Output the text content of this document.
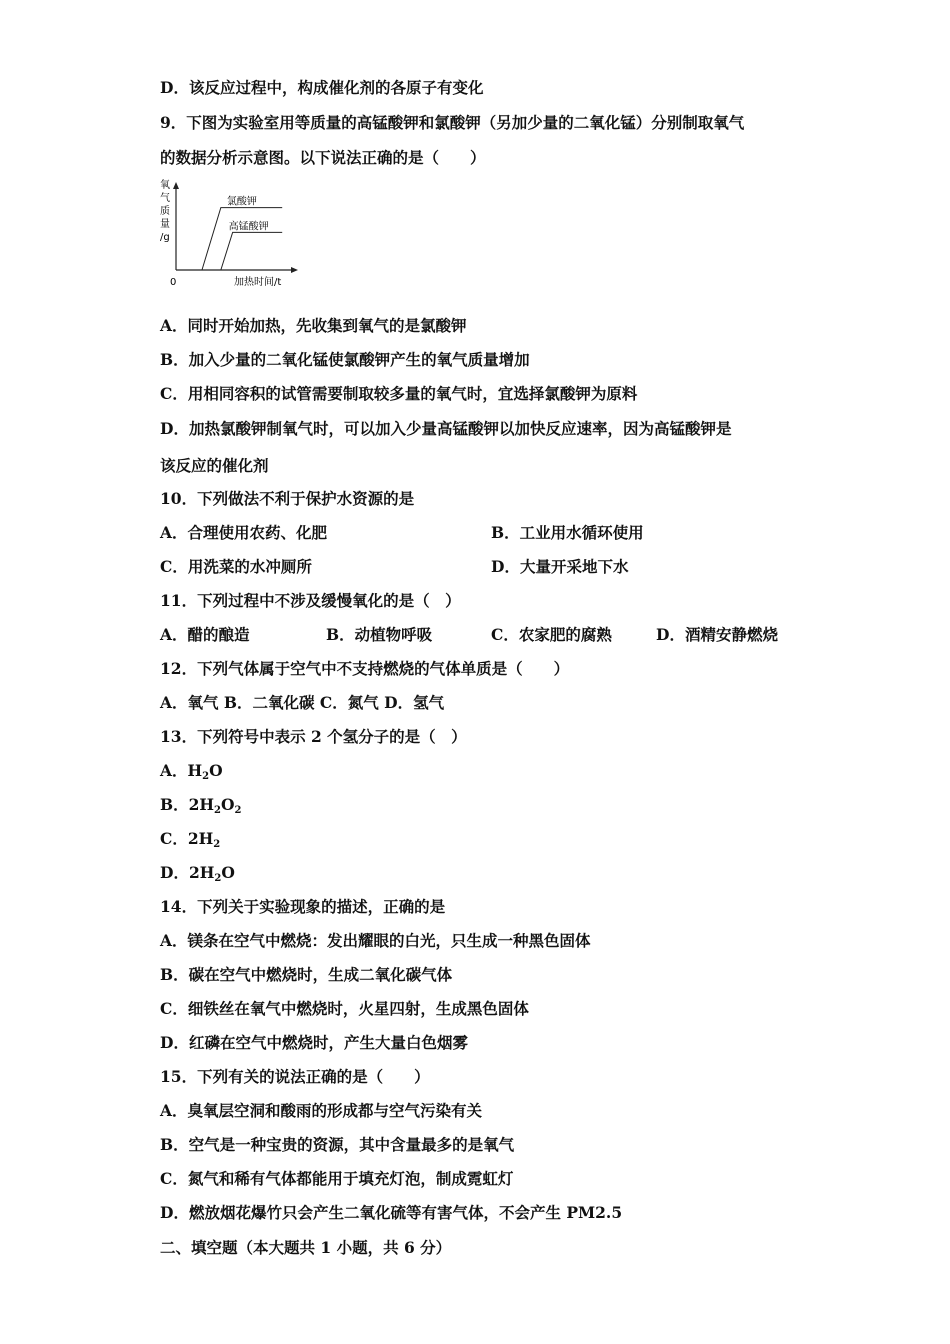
D．该反应过程中，构成催化剂的各原子有变化
9．下图为实验室用等质量的高锰酸钾和氯酸钾（另加少量的二氧化锰）分别制取氧气
的数据分析示意图。以下说法正确的是（　　）
氧
气
质
量
/g
0	加热时间/t
氯酸钾
高锰酸钾
A．同时开始加热，先收集到氧气的是氯酸钾
B．加入少量的二氧化锰使氯酸钾产生的氧气质量增加
C．用相同容积的试管需要制取较多量的氧气时，宜选择氯酸钾为原料
D．加热氯酸钾制氧气时，可以加入少量高锰酸钾以加快反应速率，因为高锰酸钾是
该反应的催化剂
10．下列做法不利于保护水资源的是
A．合理使用农药、化肥	B．工业用水循环使用
C．用洗菜的水冲厕所	D．大量开采地下水
11．下列过程中不涉及缓慢氧化的是（　）
A．醋的酿造	B．动植物呼吸	C．农家肥的腐熟	D．酒精安静燃烧
12．下列气体属于空气中不支持燃烧的气体单质是（　　）
A．氧气 B．二氧化碳 C．氮气 D．氢气
13．下列符号中表示 2 个氢分子的是（　）
A．$H_2O$
B．$2H_2O_2$
C．$2H_2$
D．$2H_2O$
14．下列关于实验现象的描述，正确的是
A．镁条在空气中燃烧：发出耀眼的白光，只生成一种黑色固体
B．碳在空气中燃烧时，生成二氧化碳气体
C．细铁丝在氧气中燃烧时，火星四射，生成黑色固体
D．红磷在空气中燃烧时，产生大量白色烟雾
15．下列有关的说法正确的是（　　）
A．臭氧层空洞和酸雨的形成都与空气污染有关
B．空气是一种宝贵的资源，其中含量最多的是氧气
C．氮气和稀有气体都能用于填充灯泡，制成霓虹灯
D．燃放烟花爆竹只会产生二氧化硫等有害气体，不会产生 PM2.5
二、填空题（本大题共 1 小题，共 6 分）
